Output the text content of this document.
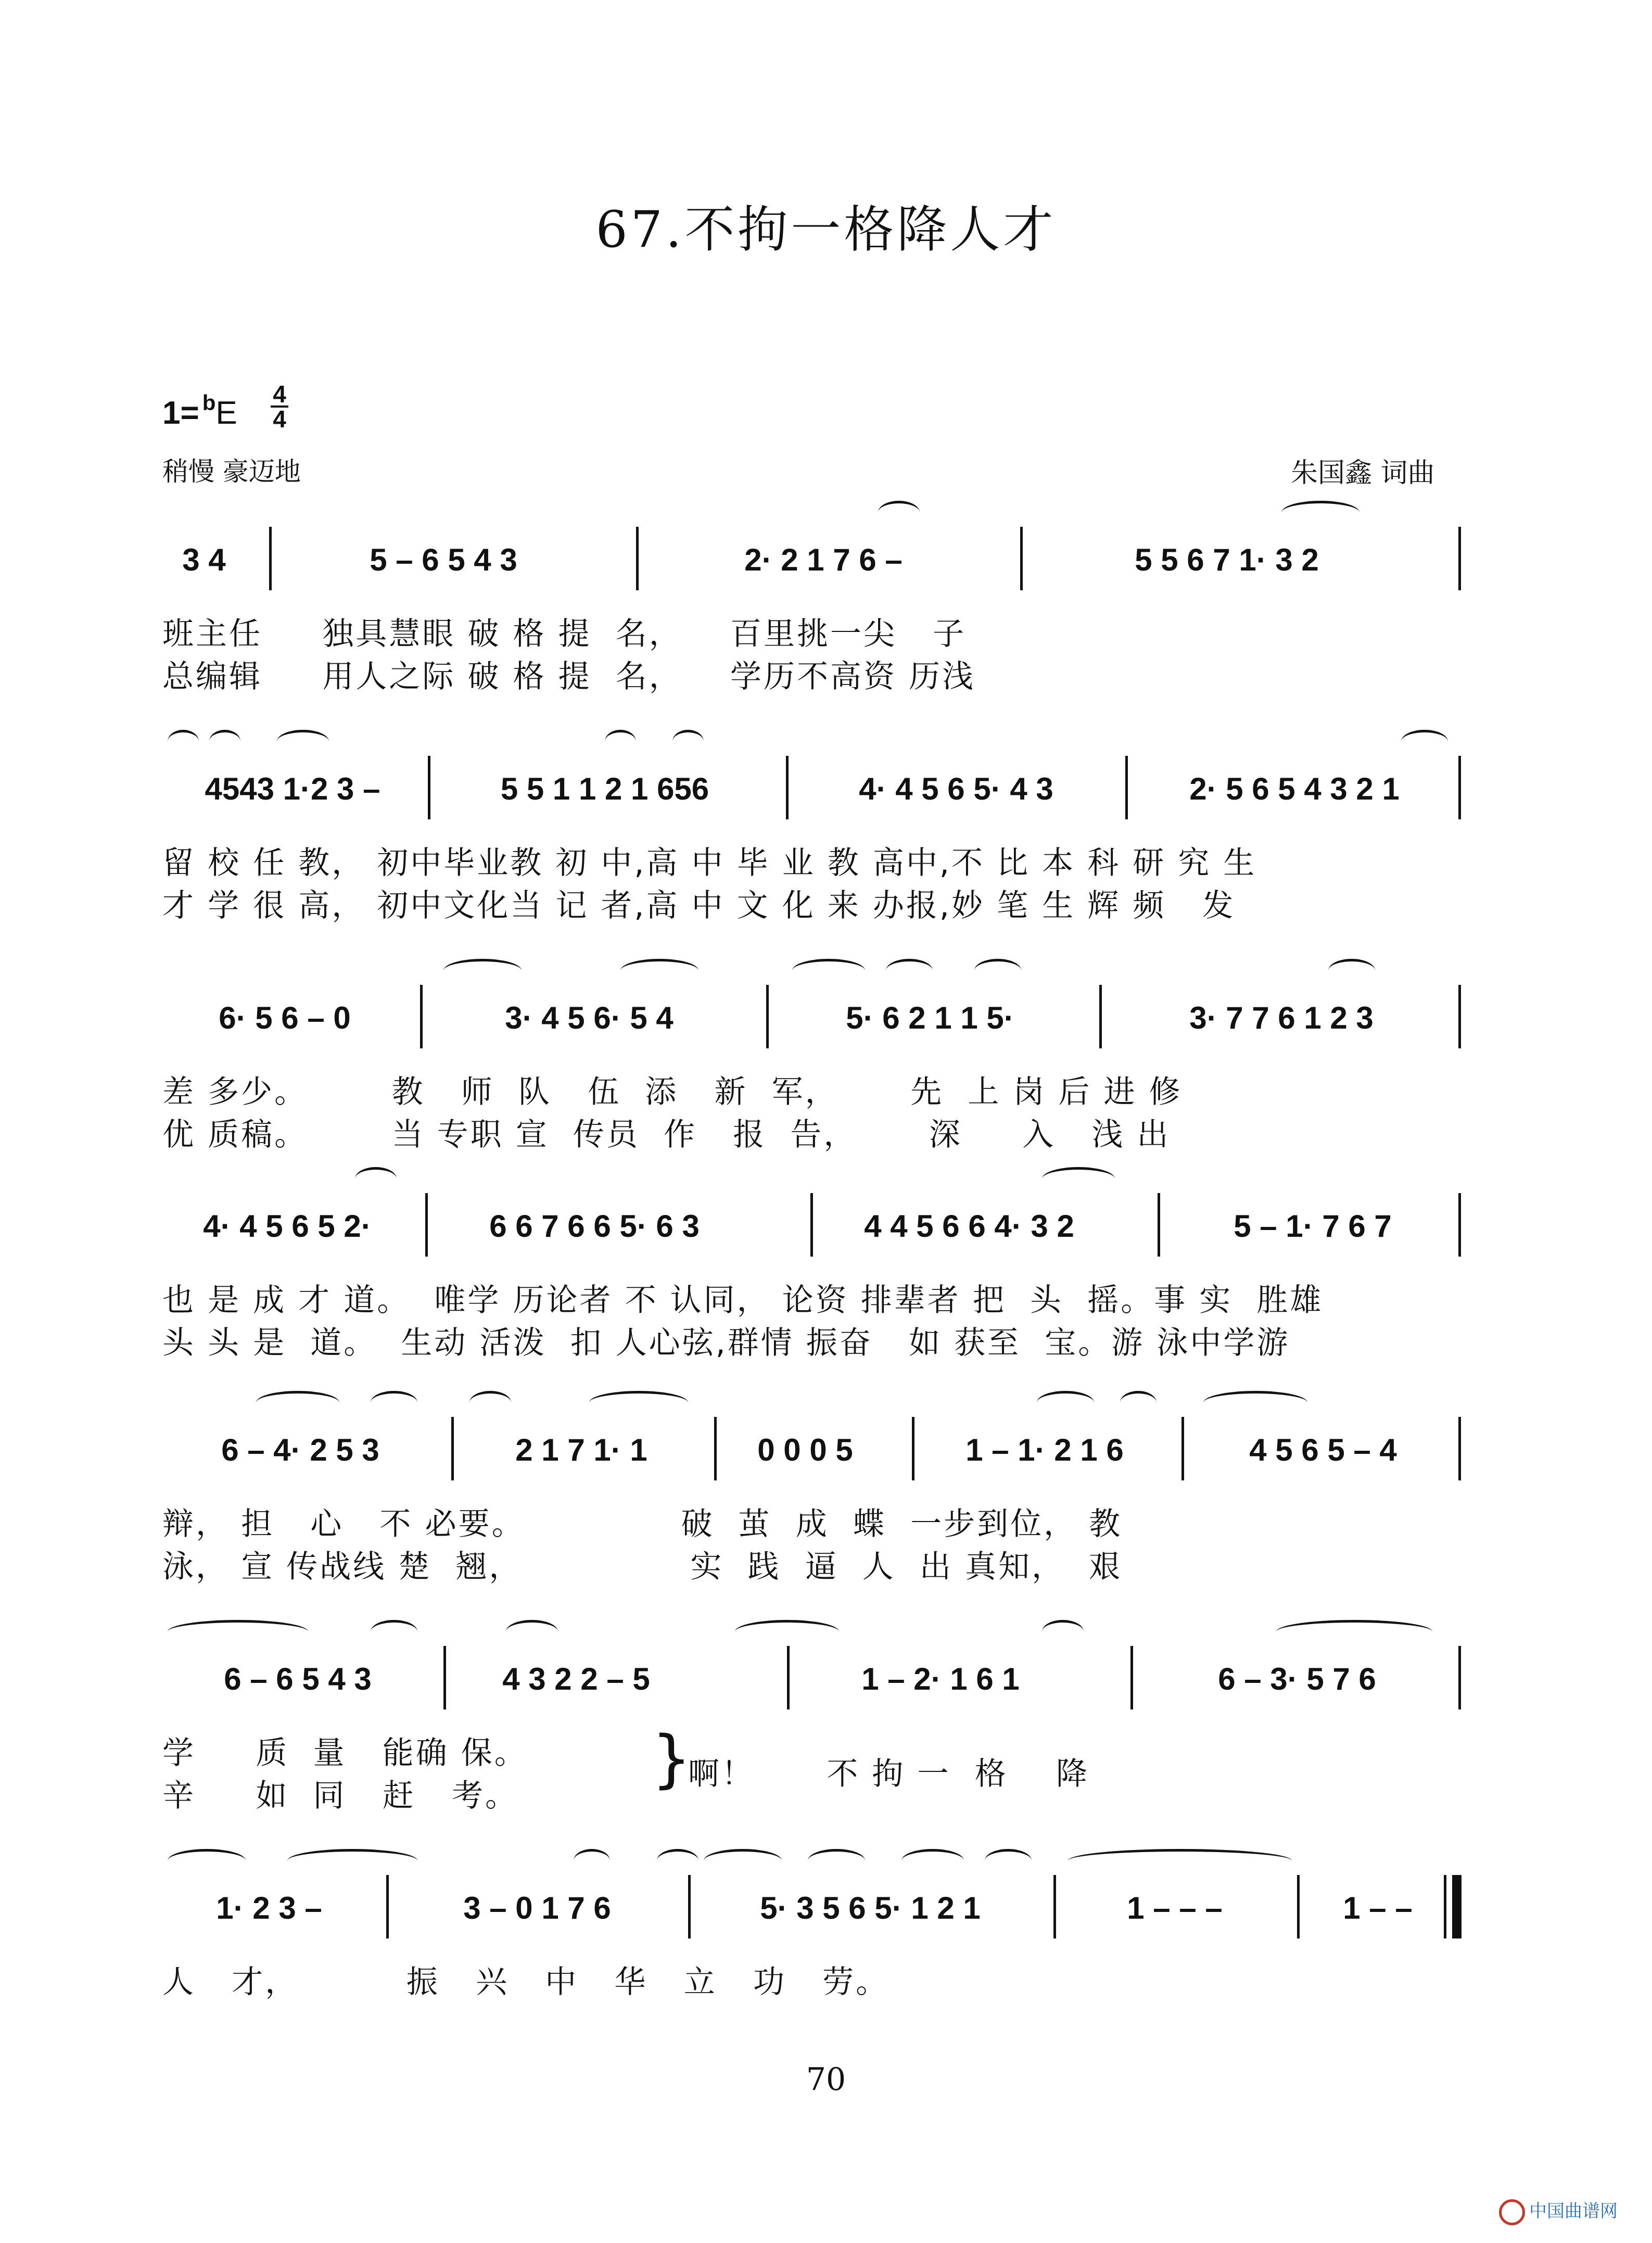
67.不拘一格降人才
1= $^b$E
4
4
稍慢 豪迈地	朱国鑫 词曲
3 4	5 – 6 5 4 3	2· 2 1 7 6 –	5 5 6 7 1· 3 2
班主任     独具慧眼 破 格 提  名，    百里挑一尖   子
总编辑     用人之际 破 格 提  名，    学历不高资 历浅
4543 1·2 3 –	5 5 1 1 2 1 656	4· 4 5 6 5· 4 3	2· 5 6 5 4 3 2 1
留 校 任 教， 初中毕业教 初 中,高 中 毕 业 教 高中,不 比 本 科 研 究 生
才 学 很 高， 初中文化当 记 者,高 中 文 化 来 办报,妙 笔 生 辉 频   发
6· 5 6 – 0	3· 4 5 6· 5 4	5· 6 2 1 1 5·	3· 7 7 6 1 2 3
差 多少。       教   师  队   伍  添   新  军，      先  上 岗 后 进 修
优 质稿。       当 专职 宣  传员  作   报  告，      深     入   浅 出
4· 4 5 6 5 2·	6 6 7 6 6 5· 6 3	4 4 5 6 6 4· 3 2	5 – 1· 7 6 7
也 是 成 才 道。  唯学 历论者 不 认同， 论资 排辈者 把  头  摇。事 实  胜雄
头 头 是  道。  生动 活泼  扣 人心弦,群情 振奋   如 获至  宝。游 泳中学游
6 – 4· 2 5 3	2 1 7 1· 1	0 0 0 5	1 – 1· 2 1 6	4 5 6 5 – 4
辩， 担   心   不 必要。             破  茧  成  蝶  一步到位， 教
泳， 宣 传战线 楚  翘，              实  践  逼  人  出 真知，  艰
6 – 6 5 4 3	4 3 2 2 – 5	1 – 2· 1 6 1	6 – 3· 5 7 6
学     质  量   能确 保。
辛     如  同   赶   考。
}
啊！      不 拘 一  格    降
1· 2 3 –	3 – 0 1 7 6	5· 3 5 6 5· 1 2 1	1 – – –	1 – –
人   才，         振   兴   中   华   立   功   劳。
70
中国曲谱网
